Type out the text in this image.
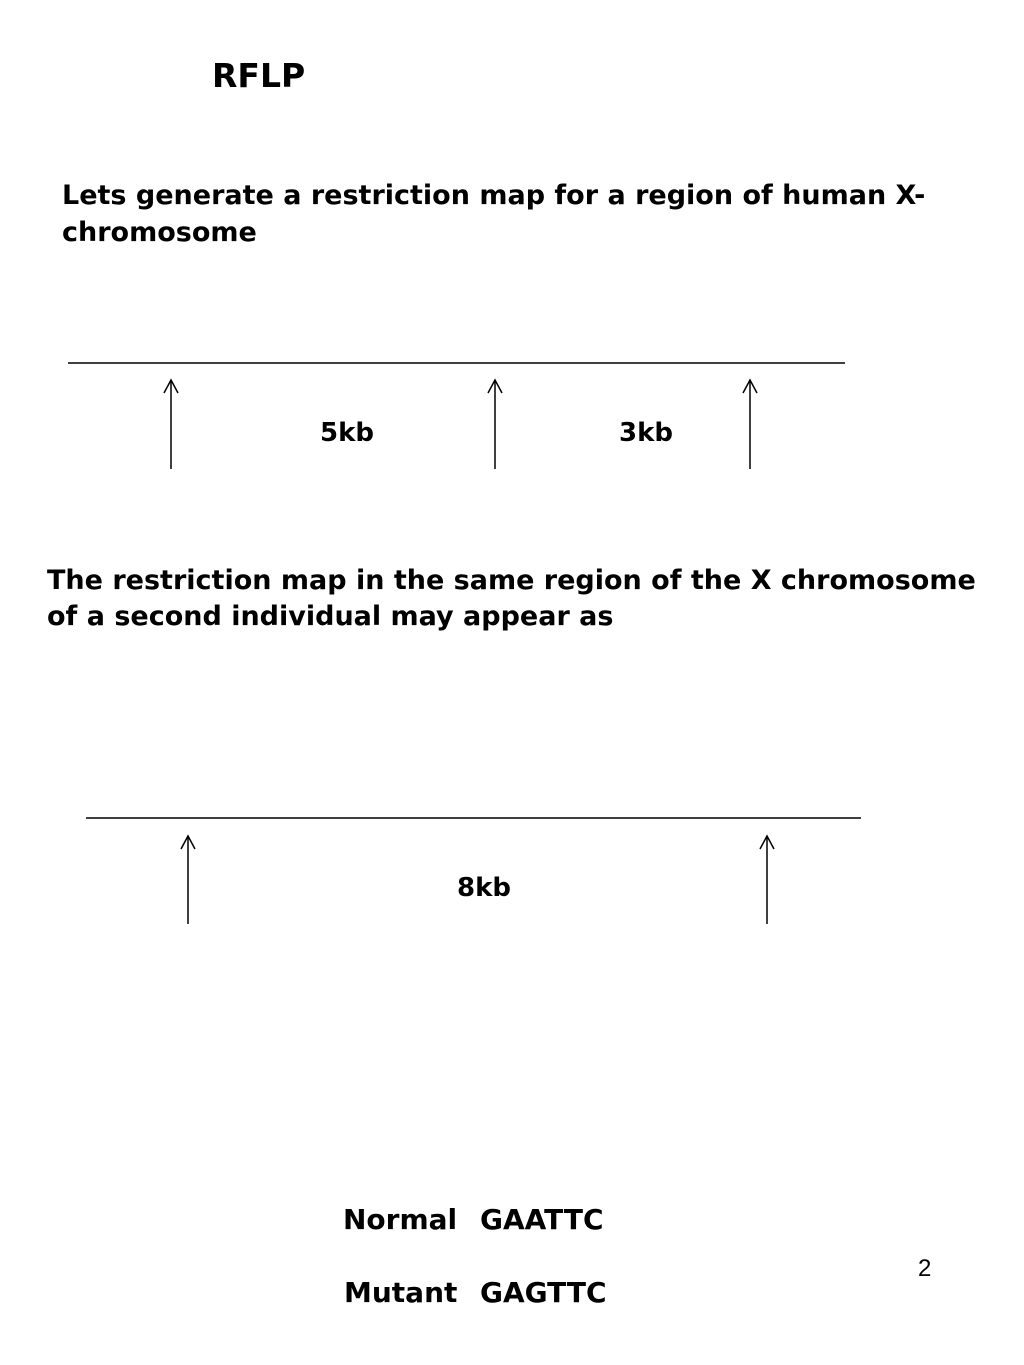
RFLP
Lets generate a restriction map for a region of human X-
chromosome
5kb	3kb
The restriction map in the same region of the X chromosome
of a second individual may appear as
8kb
Normal GAATTC
Mutant GAGTTC
2
